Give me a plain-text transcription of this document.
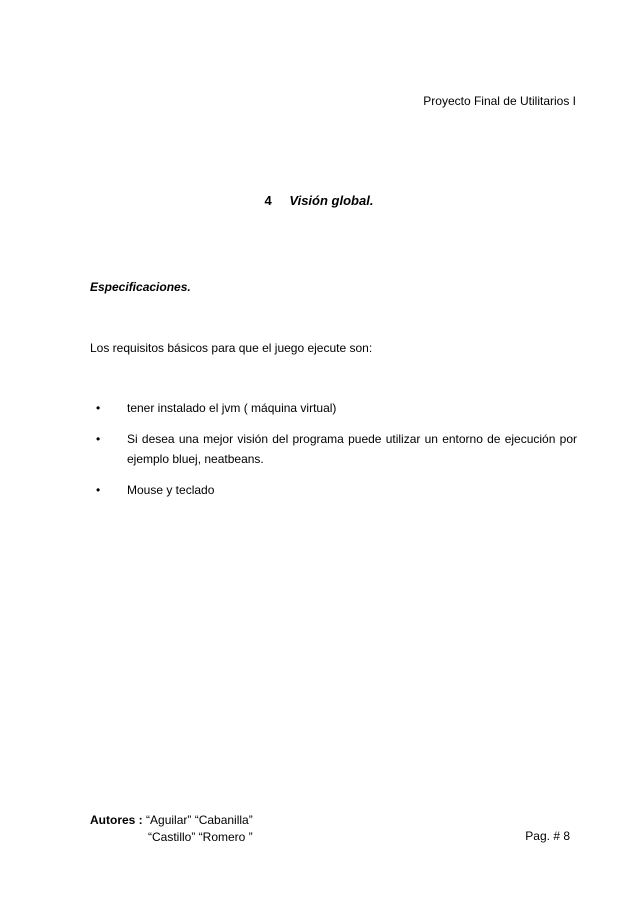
Proyecto Final de Utilitarios I
4 Visión global.
Especificaciones.
Los requisitos básicos para que el juego ejecute son:
• tener instalado el jvm ( máquina virtual)
• Si desea una mejor visión del programa puede utilizar un entorno de ejecución por ejemplo bluej, neatbeans.
• Mouse y teclado
Autores : “Aguilar” “Cabanilla”
“Castillo” “Romero ”	Pag. # 8
